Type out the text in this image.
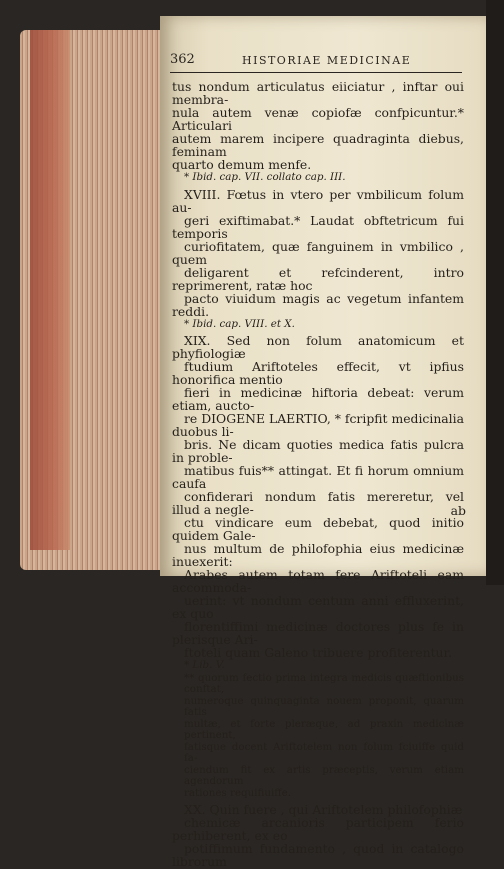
362	HISTORIAE MEDICINAE
tus nondum articulatus eiiciatur , inftar oui membra-
nula autem venæ copiofæ confpicuntur.* Articulari
autem marem incipere quadraginta diebus, feminam
quarto demum menfe.
* Ibid. cap. VII. collato cap. III.
XVIII. Fœtus in vtero per vmbilicum folum au-
geri exiftimabat.* Laudat obftetricum fui temporis
curiofitatem, quæ fanguinem in vmbilico , quem
deligarent et refcinderent, intro reprimerent, ratæ hoc
pacto viuidum magis ac vegetum infantem reddi.
* Ibid. cap. VIII. et X.
XIX. Sed non folum anatomicum et phyfiologiæ
ftudium Ariftoteles effecit, vt ipfius honorifica mentio
fieri in medicinæ hiftoria debeat: verum etiam, aucto-
re DIOGENE LAERTIO, * fcripfit medicinalia duobus li-
bris. Ne dicam quoties medica fatis pulcra in proble-
matibus fuis** attingat. Et fi horum omnium caufa
confiderari nondum fatis mereretur, vel illud a negle-
ctu vindicare eum debebat, quod initio quidem Gale-
nus multum de philofophia eius medicinæ inuexerit:
Arabes autem totam fere Ariftoteli eam accommoda-
uerint: vt nondum centum anni effluxerint, ex quo
florentiffimi medicinæ doctores plus fe in plerisque Ari-
ftoteli quam Galeno tribuere profiterentur.
* Lib. V.
** quorum fectio prima integra medicis quæftionibus conftat,
numeroque quinquaginta nouem proponit, quarum fatis
multæ, et forte pleræque, ad praxin medicinæ pertinent,
fatisque docent Ariftotelem non folum fciuiffe quid fa-
ciendum fit ex artis præceptis, verum etiam agendorum
rationes requifiuiffe.
XX. Quin fuere , qui Ariftotelem philofophiæ
chemicæ arcanioris participem ferio perhiberent, ex eo
potiffimum fundamento , quod in catalogo librorum
ab
